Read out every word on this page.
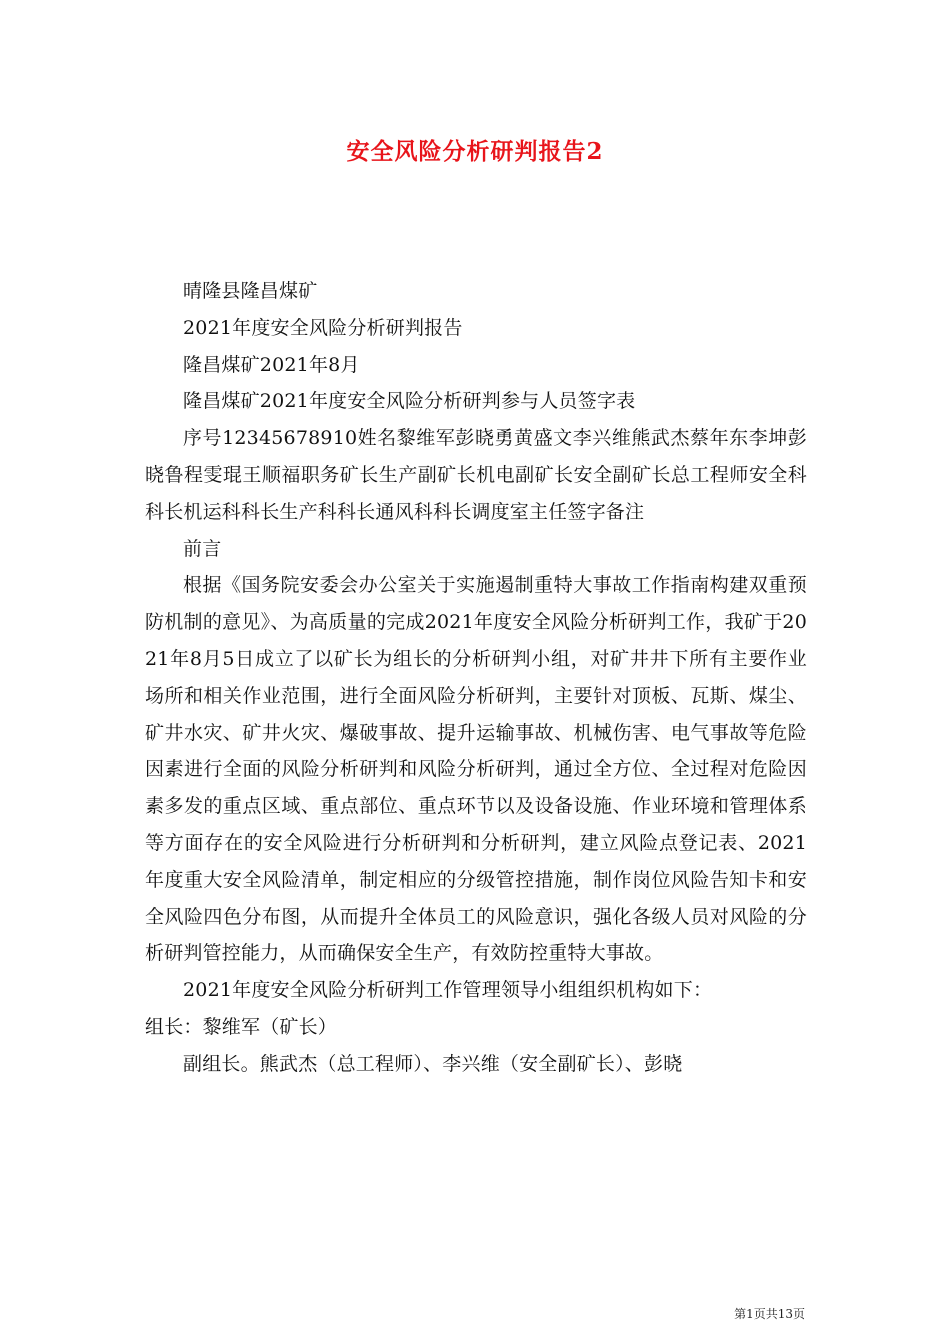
安全风险分析研判报告2

晴隆县隆昌煤矿

2021年度安全风险分析研判报告

隆昌煤矿2021年8月

隆昌煤矿2021年度安全风险分析研判参与人员签字表

序号12345678910姓名黎维军彭晓勇黄盛文李兴维熊武杰蔡年东李坤彭晓鲁程雯琨王顺福职务矿长生产副矿长机电副矿长安全副矿长总工程师安全科科长机运科科长生产科科长通风科科长调度室主任签字备注

前言

根据《国务院安委会办公室关于实施遏制重特大事故工作指南构建双重预防机制的意见》、为高质量的完成2021年度安全风险分析研判工作，我矿于2021年8月5日成立了以矿长为组长的分析研判小组，对矿井井下所有主要作业场所和相关作业范围，进行全面风险分析研判，主要针对顶板、瓦斯、煤尘、矿井水灾、矿井火灾、爆破事故、提升运输事故、机械伤害、电气事故等危险因素进行全面的风险分析研判和风险分析研判，通过全方位、全过程对危险因素多发的重点区域、重点部位、重点环节以及设备设施、作业环境和管理体系等方面存在的安全风险进行分析研判和分析研判，建立风险点登记表、2021年度重大安全风险清单，制定相应的分级管控措施，制作岗位风险告知卡和安全风险四色分布图，从而提升全体员工的风险意识，强化各级人员对风险的分析研判管控能力，从而确保安全生产，有效防控重特大事故。

2021年度安全风险分析研判工作管理领导小组组织机构如下：

组长：黎维军（矿长）

副组长。熊武杰（总工程师）、李兴维（安全副矿长）、彭晓

第1页共13页
